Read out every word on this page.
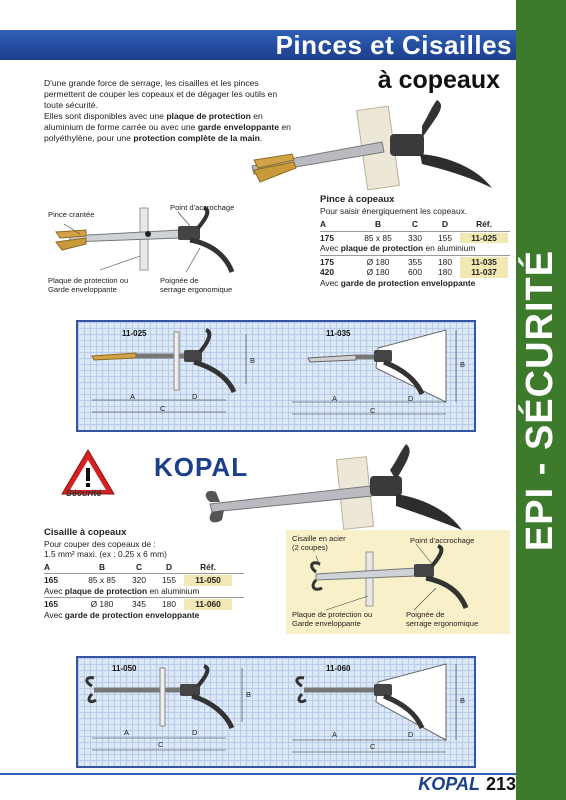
EPI - SÉCURITÉ
Pinces et Cisailles
à copeaux

D'une grande force de serrage, les cisailles et les pinces permettent de couper les copeaux et de dégager les outils en toute sécurité.

Elles sont disponibles avec une plaque de protection en aluminium de forme carrée ou avec une garde enveloppante en polyéthylène, pour une protection complète de la main.

Pince crantée
Point d'accrochage
Plaque de protection ou
Garde enveloppante
Poignée de
serrage ergonomique
Pince à copeaux
Pour saisir énergiquement les copeaux.
A	B	C	D	Réf.
175	85 x 85	330	155	11-025
Avec plaque de protection en aluminium
175	Ø 180	355	180	11-035
420	Ø 180	600	180	11-037
Avec garde de protection enveloppante
11-025	11-035
A
B
C
D	A
B
C
D
Sécurité
KOPAL
Cisaille à copeaux
Pour couper des copeaux de :
1.5 mm² maxi. (ex : 0.25 x 6 mm)
A	B	C	D	Réf.
165	85 x 85	320	155	11-050
Avec plaque de protection en aluminium
165	Ø 180	345	180	11-060
Avec garde de protection enveloppante
Cisaille en acier
(2 coupes)
Point d'accrochage
Plaque de protection ou
Garde enveloppante
Poignée de
serrage ergonomique
11-050	11-060
A
B
C
D	A
B
C
D
KOPAL 213
